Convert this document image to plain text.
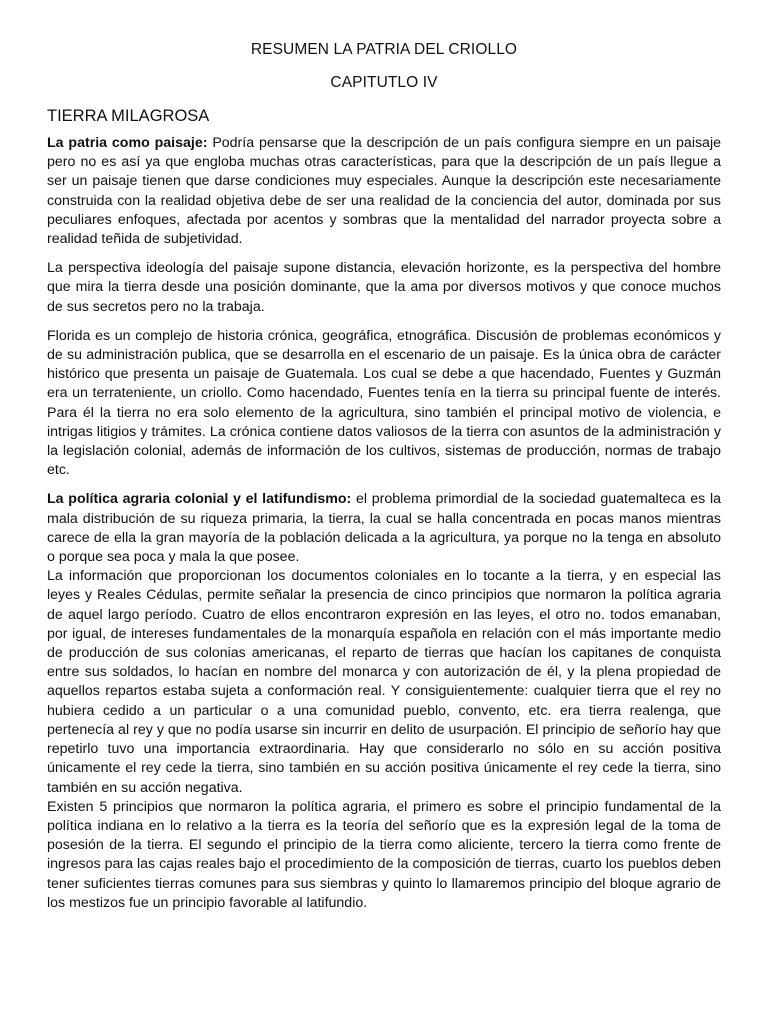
RESUMEN LA PATRIA DEL CRIOLLO
CAPITUTLO IV
TIERRA MILAGROSA

La patria como paisaje: Podría pensarse que la descripción de un país configura siempre en un paisaje pero no es así ya que engloba muchas otras características, para que la descripción de un país llegue a ser un paisaje tienen que darse condiciones muy especiales. Aunque la descripción este necesariamente construida con la realidad objetiva debe de ser una realidad de la conciencia del autor, dominada por sus peculiares enfoques, afectada por acentos y sombras que la mentalidad del narrador proyecta sobre a realidad teñida de subjetividad.

La perspectiva ideología del paisaje supone distancia, elevación horizonte, es la perspectiva del hombre que mira la tierra desde una posición dominante, que la ama por diversos motivos y que conoce muchos de sus secretos pero no la trabaja.

Florida es un complejo de historia crónica, geográfica, etnográfica. Discusión de problemas económicos y de su administración publica, que se desarrolla en el escenario de un paisaje. Es la única obra de carácter histórico que presenta un paisaje de Guatemala. Los cual se debe a que hacendado, Fuentes y Guzmán era un terrateniente, un criollo. Como hacendado, Fuentes tenía en la tierra su principal fuente de interés. Para él la tierra no era solo elemento de la agricultura, sino también el principal motivo de violencia, e intrigas litigios y trámites. La crónica contiene datos valiosos de la tierra con asuntos de la administración y la legislación colonial, además de información de los cultivos, sistemas de producción, normas de trabajo etc.

La política agraria colonial y el latifundismo: el problema primordial de la sociedad guatemalteca es la mala distribución de su riqueza primaria, la tierra, la cual se halla concentrada en pocas manos mientras carece de ella la gran mayoría de la población delicada a la agricultura, ya porque no la tenga en absoluto o porque sea poca y mala la que posee.

La información que proporcionan los documentos coloniales en lo tocante a la tierra, y en especial las leyes y Reales Cédulas, permite señalar la presencia de cinco principios que normaron la política agraria de aquel largo período. Cuatro de ellos encontraron expresión en las leyes, el otro no. todos emanaban, por igual, de intereses fundamentales de la monarquía española en relación con el más importante medio de producción de sus colonias americanas, el reparto de tierras que hacían los capitanes de conquista entre sus soldados, lo hacían en nombre del monarca y con autorización de él, y la plena propiedad de aquellos repartos estaba sujeta a conformación real. Y consiguientemente: cualquier tierra que el rey no hubiera cedido a un particular o a una comunidad pueblo, convento, etc. era tierra realenga, que pertenecía al rey y que no podía usarse sin incurrir en delito de usurpación. El principio de señorío hay que repetirlo tuvo una importancia extraordinaria. Hay que considerarlo no sólo en su acción positiva únicamente el rey cede la tierra, sino también en su acción positiva únicamente el rey cede la tierra, sino también en su acción negativa.

Existen 5 principios que normaron la política agraria, el primero es sobre el principio fundamental de la política indiana en lo relativo a la tierra es la teoría del señorío que es la expresión legal de la toma de posesión de la tierra. El segundo el principio de la tierra como aliciente, tercero la tierra como frente de ingresos para las cajas reales bajo el procedimiento de la composición de tierras, cuarto los pueblos deben tener suficientes tierras comunes para sus siembras y quinto lo llamaremos principio del bloque agrario de los mestizos fue un principio favorable al latifundio.
